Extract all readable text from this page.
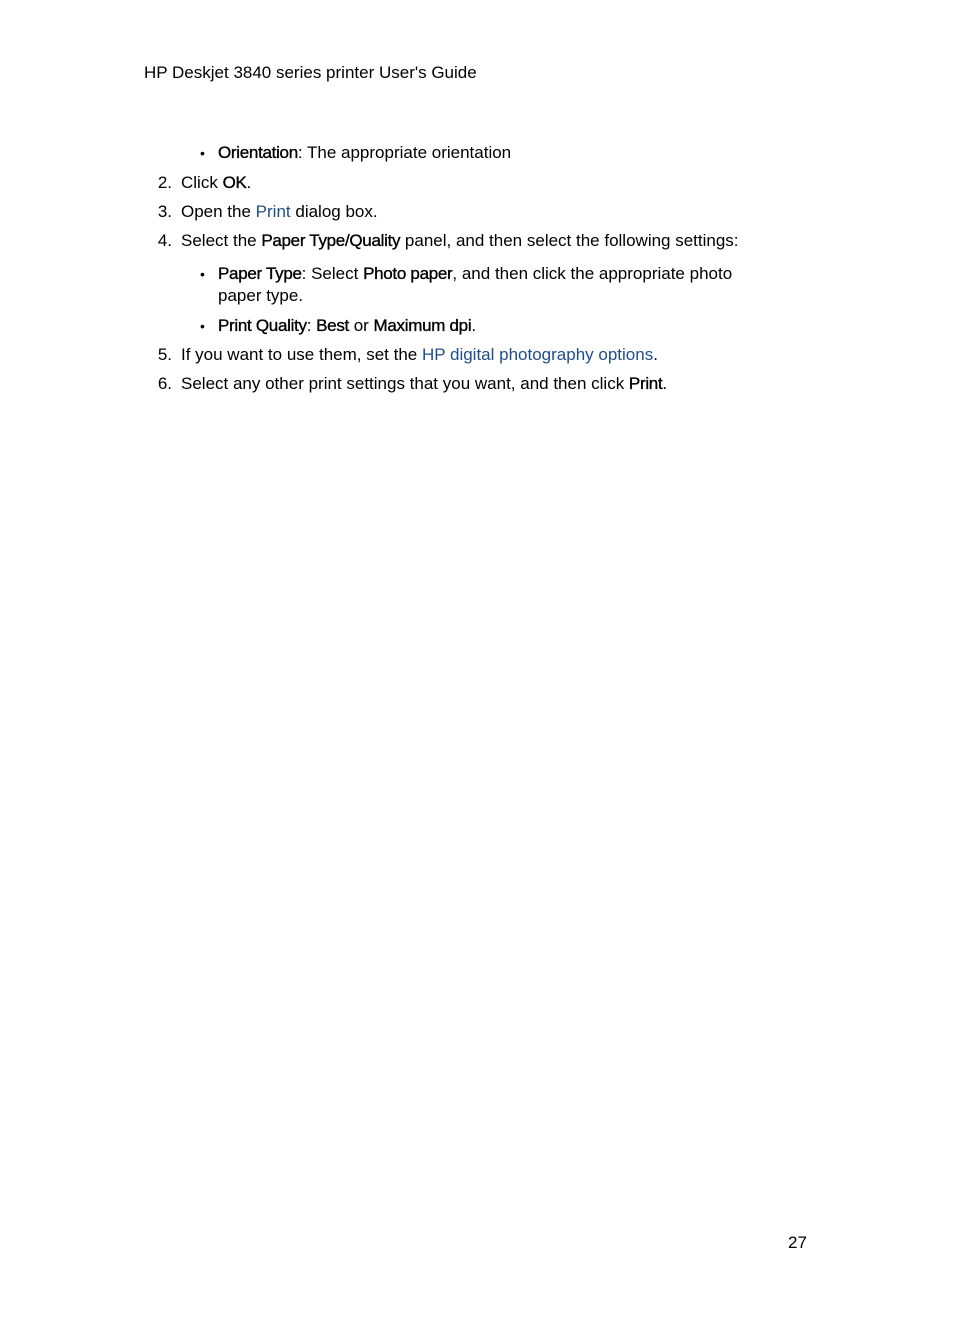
HP Deskjet 3840 series printer User's Guide
• Orientation: The appropriate orientation
2. Click OK.
3. Open the Print dialog box.
4. Select the Paper Type/Quality panel, and then select the following settings:
• Paper Type: Select Photo paper, and then click the appropriate photo
paper type.
• Print Quality: Best or Maximum dpi.
5. If you want to use them, set the HP digital photography options.
6. Select any other print settings that you want, and then click Print.
27
